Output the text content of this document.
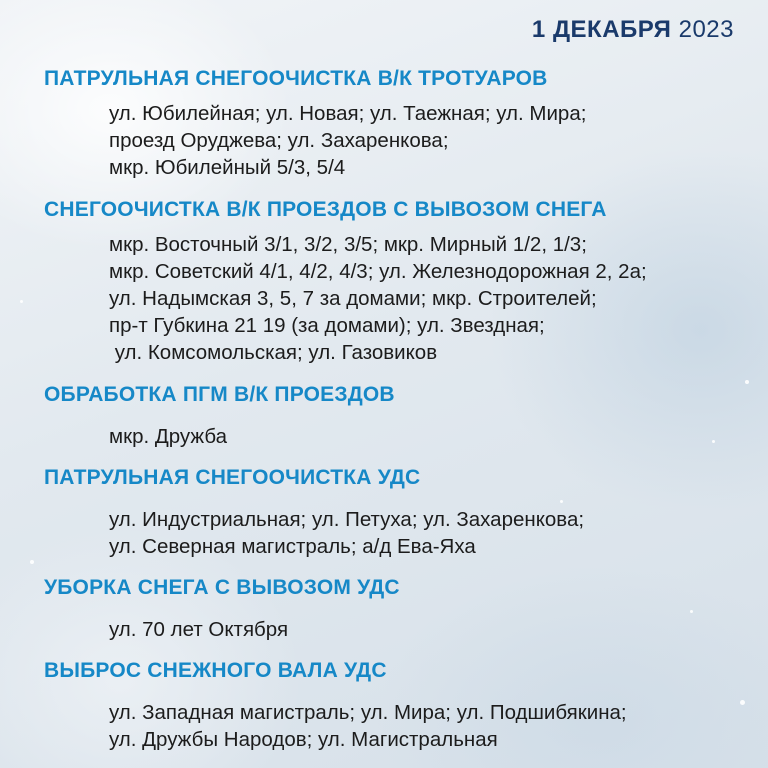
1 ДЕКАБРЯ 2023
ПАТРУЛЬНАЯ СНЕГООЧИСТКА В/К ТРОТУАРОВ
ул. Юбилейная; ул. Новая; ул. Таежная; ул. Мира;
проезд Оруджева; ул. Захаренкова;
мкр. Юбилейный 5/3, 5/4
СНЕГООЧИСТКА В/К ПРОЕЗДОВ С ВЫВОЗОМ СНЕГА
мкр. Восточный 3/1, 3/2, 3/5; мкр. Мирный 1/2, 1/3;
мкр. Советский 4/1, 4/2, 4/3; ул. Железнодорожная 2, 2а;
ул. Надымская 3, 5, 7 за домами; мкр. Строителей;
пр-т Губкина 21 19 (за домами); ул. Звездная;
ул. Комсомольская; ул. Газовиков
ОБРАБОТКА ПГМ В/К ПРОЕЗДОВ
мкр. Дружба
ПАТРУЛЬНАЯ СНЕГООЧИСТКА УДС
ул. Индустриальная; ул. Петуха; ул. Захаренкова;
ул. Северная магистраль; а/д Ева-Яха
УБОРКА СНЕГА С ВЫВОЗОМ УДС
ул. 70 лет Октября
ВЫБРОС СНЕЖНОГО ВАЛА УДС
ул. Западная магистраль; ул. Мира; ул. Подшибякина;
ул. Дружбы Народов; ул. Магистральная
